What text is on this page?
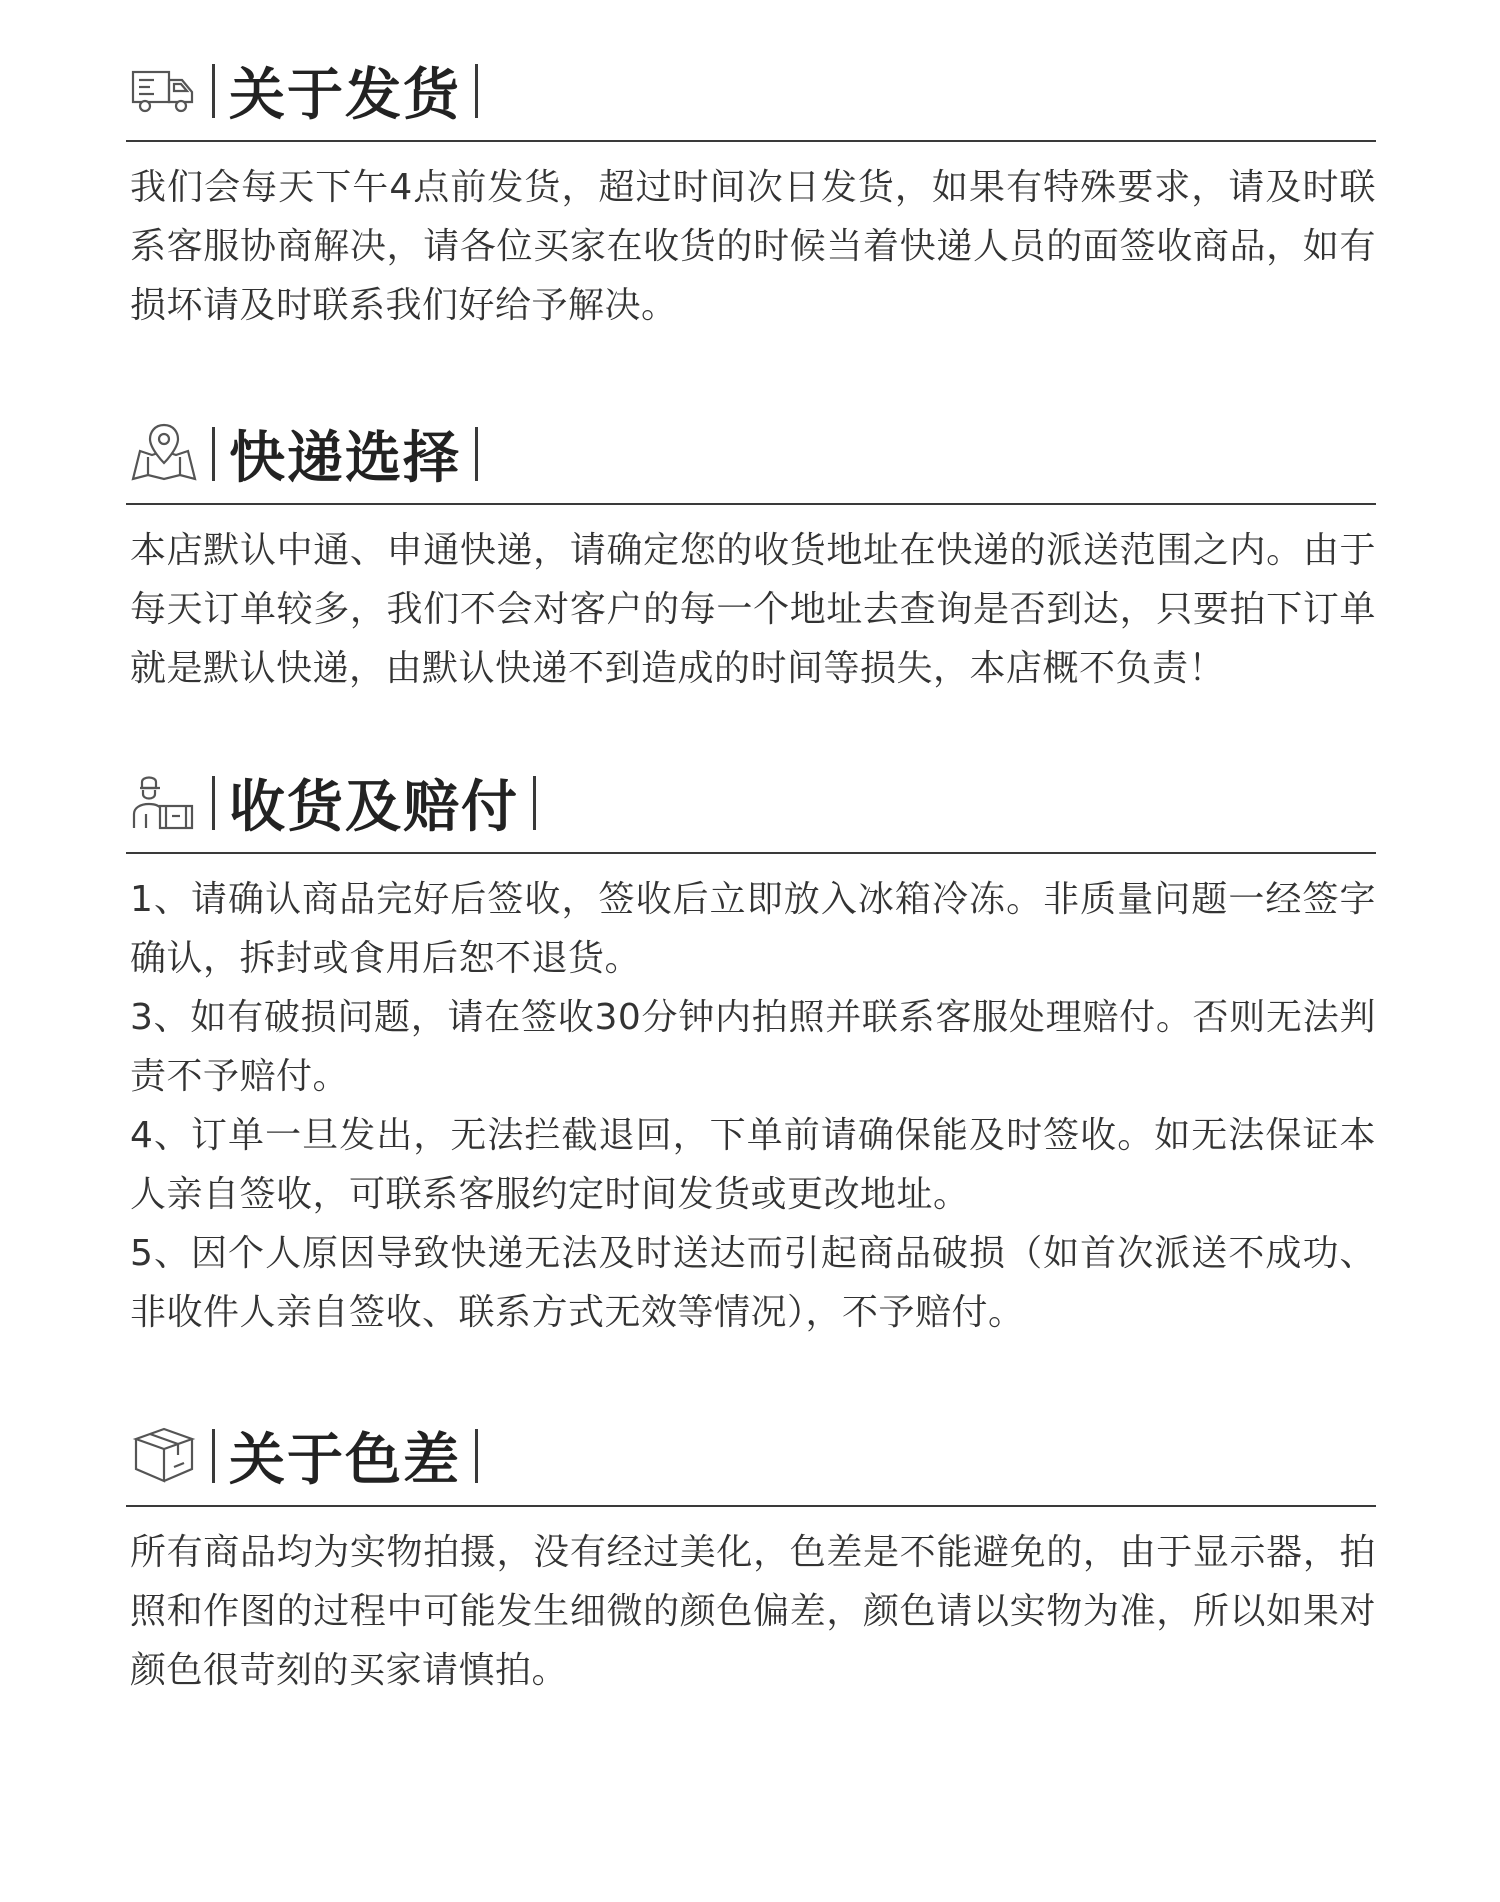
关于发货

我们会每天下午4点前发货，超过时间次日发货，如果有特殊要求，请及时联系客服协商解决，请各位买家在收货的时候当着快递人员的面签收商品，如有损坏请及时联系我们好给予解决。

快递选择

本店默认中通、申通快递，请确定您的收货地址在快递的派送范围之内。由于每天订单较多，我们不会对客户的每一个地址去查询是否到达，只要拍下订单就是默认快递，由默认快递不到造成的时间等损失，本店概不负责！

收货及赔付

1、请确认商品完好后签收，签收后立即放入冰箱冷冻。非质量问题一经签字确认，拆封或食用后恕不退货。

3、如有破损问题，请在签收30分钟内拍照并联系客服处理赔付。否则无法判责不予赔付。

4、订单一旦发出，无法拦截退回，下单前请确保能及时签收。如无法保证本人亲自签收，可联系客服约定时间发货或更改地址。

5、因个人原因导致快递无法及时送达而引起商品破损（如首次派送不成功、非收件人亲自签收、联系方式无效等情况），不予赔付。

关于色差

所有商品均为实物拍摄，没有经过美化，色差是不能避免的，由于显示器，拍照和作图的过程中可能发生细微的颜色偏差，颜色请以实物为准，所以如果对颜色很苛刻的买家请慎拍。
